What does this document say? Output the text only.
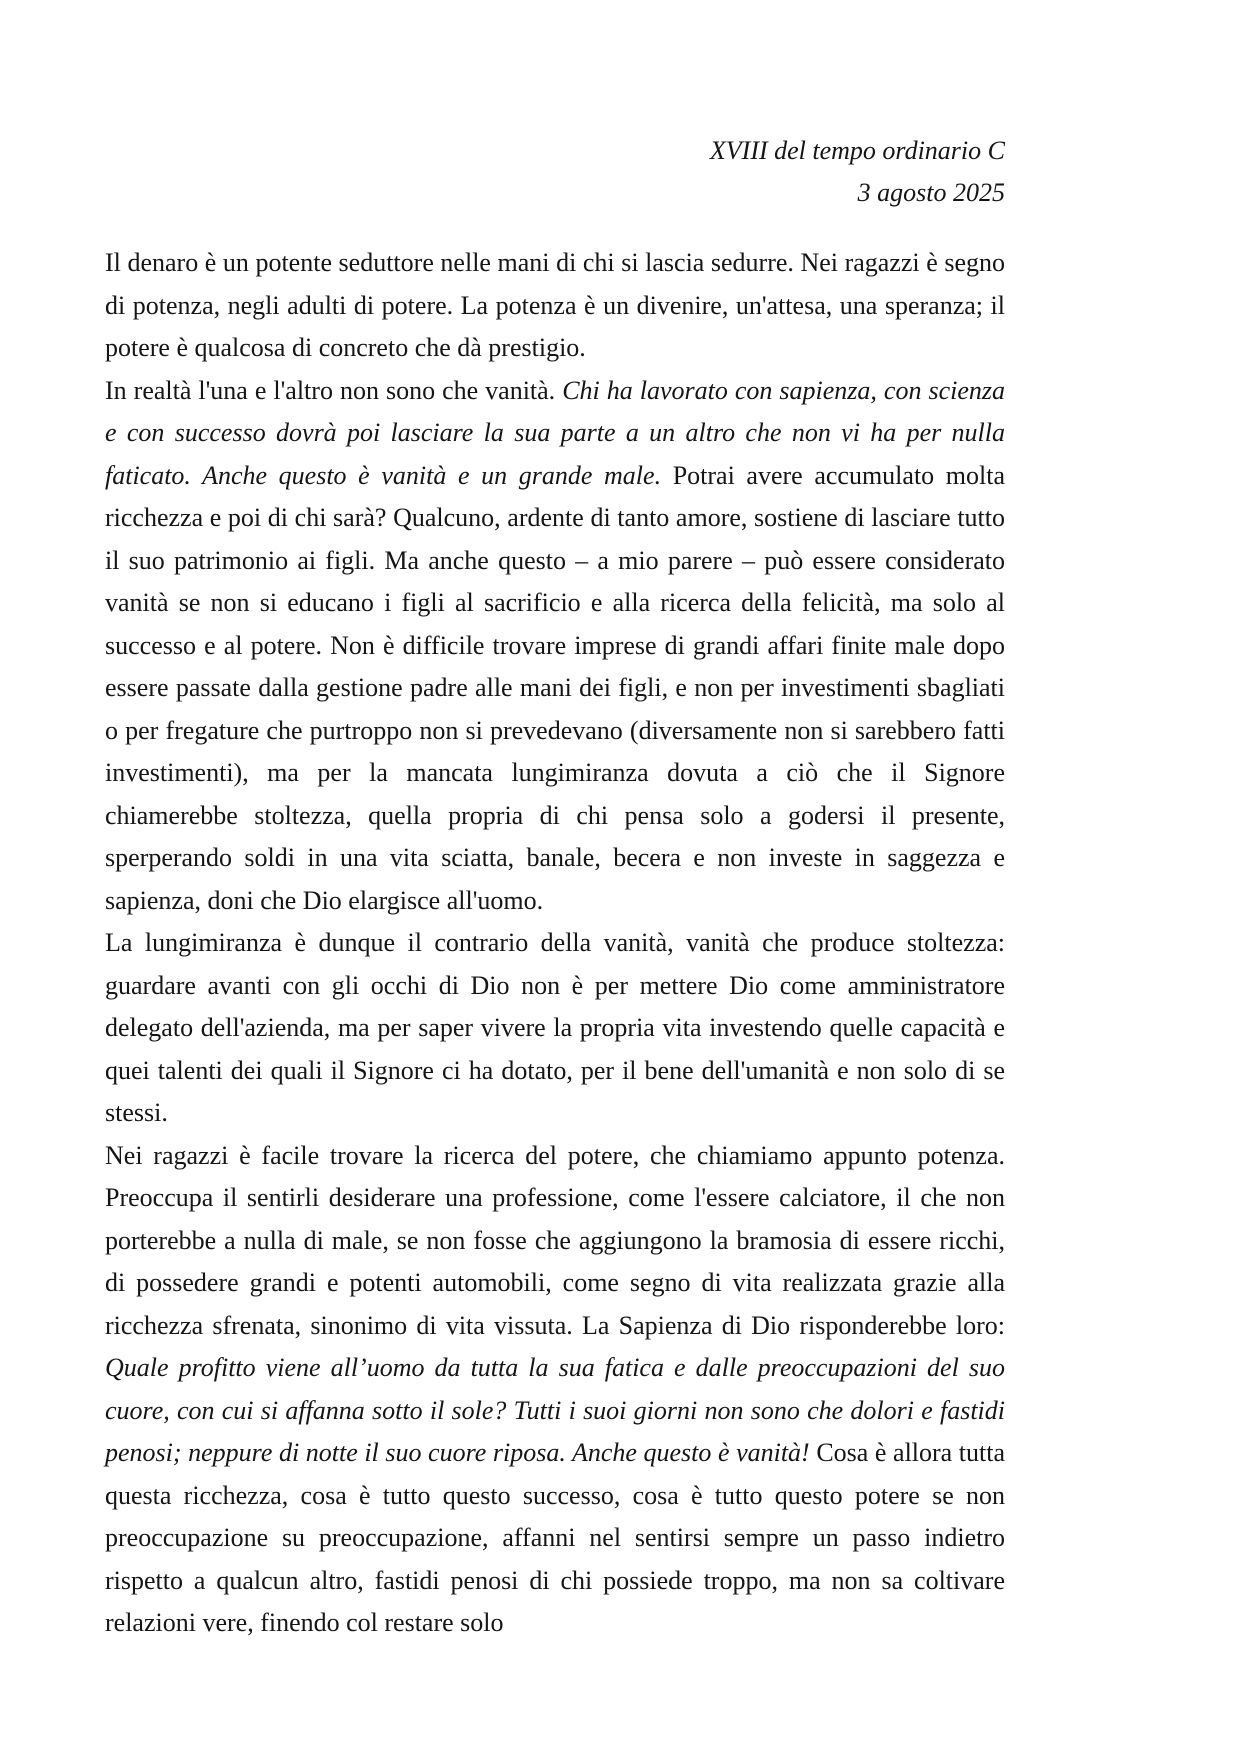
XVIII del tempo ordinario C
3 agosto 2025

Il denaro è un potente seduttore nelle mani di chi si lascia sedurre. Nei ragazzi è segno di potenza, negli adulti di potere. La potenza è un divenire, un'attesa, una speranza; il potere è qualcosa di concreto che dà prestigio.

In realtà l'una e l'altro non sono che vanità. Chi ha lavorato con sapienza, con scienza e con successo dovrà poi lasciare la sua parte a un altro che non vi ha per nulla faticato. Anche questo è vanità e un grande male. Potrai avere accumulato molta ricchezza e poi di chi sarà? Qualcuno, ardente di tanto amore, sostiene di lasciare tutto il suo patrimonio ai figli. Ma anche questo – a mio parere – può essere considerato vanità se non si educano i figli al sacrificio e alla ricerca della felicità, ma solo al successo e al potere. Non è difficile trovare imprese di grandi affari finite male dopo essere passate dalla gestione padre alle mani dei figli, e non per investimenti sbagliati o per fregature che purtroppo non si prevedevano (diversamente non si sarebbero fatti investimenti), ma per la mancata lungimiranza dovuta a ciò che il Signore chiamerebbe stoltezza, quella propria di chi pensa solo a godersi il presente, sperperando soldi in una vita sciatta, banale, becera e non investe in saggezza e sapienza, doni che Dio elargisce all'uomo.

La lungimiranza è dunque il contrario della vanità, vanità che produce stoltezza: guardare avanti con gli occhi di Dio non è per mettere Dio come amministratore delegato dell'azienda, ma per saper vivere la propria vita investendo quelle capacità e quei talenti dei quali il Signore ci ha dotato, per il bene dell'umanità e non solo di se stessi.

Nei ragazzi è facile trovare la ricerca del potere, che chiamiamo appunto potenza. Preoccupa il sentirli desiderare una professione, come l'essere calciatore, il che non porterebbe a nulla di male, se non fosse che aggiungono la bramosia di essere ricchi, di possedere grandi e potenti automobili, come segno di vita realizzata grazie alla ricchezza sfrenata, sinonimo di vita vissuta. La Sapienza di Dio risponderebbe loro: Quale profitto viene all’uomo da tutta la sua fatica e dalle preoccupazioni del suo cuore, con cui si affanna sotto il sole? Tutti i suoi giorni non sono che dolori e fastidi penosi; neppure di notte il suo cuore riposa. Anche questo è vanità! Cosa è allora tutta questa ricchezza, cosa è tutto questo successo, cosa è tutto questo potere se non preoccupazione su preoccupazione, affanni nel sentirsi sempre un passo indietro rispetto a qualcun altro, fastidi penosi di chi possiede troppo, ma non sa coltivare relazioni vere, finendo col restare solo
